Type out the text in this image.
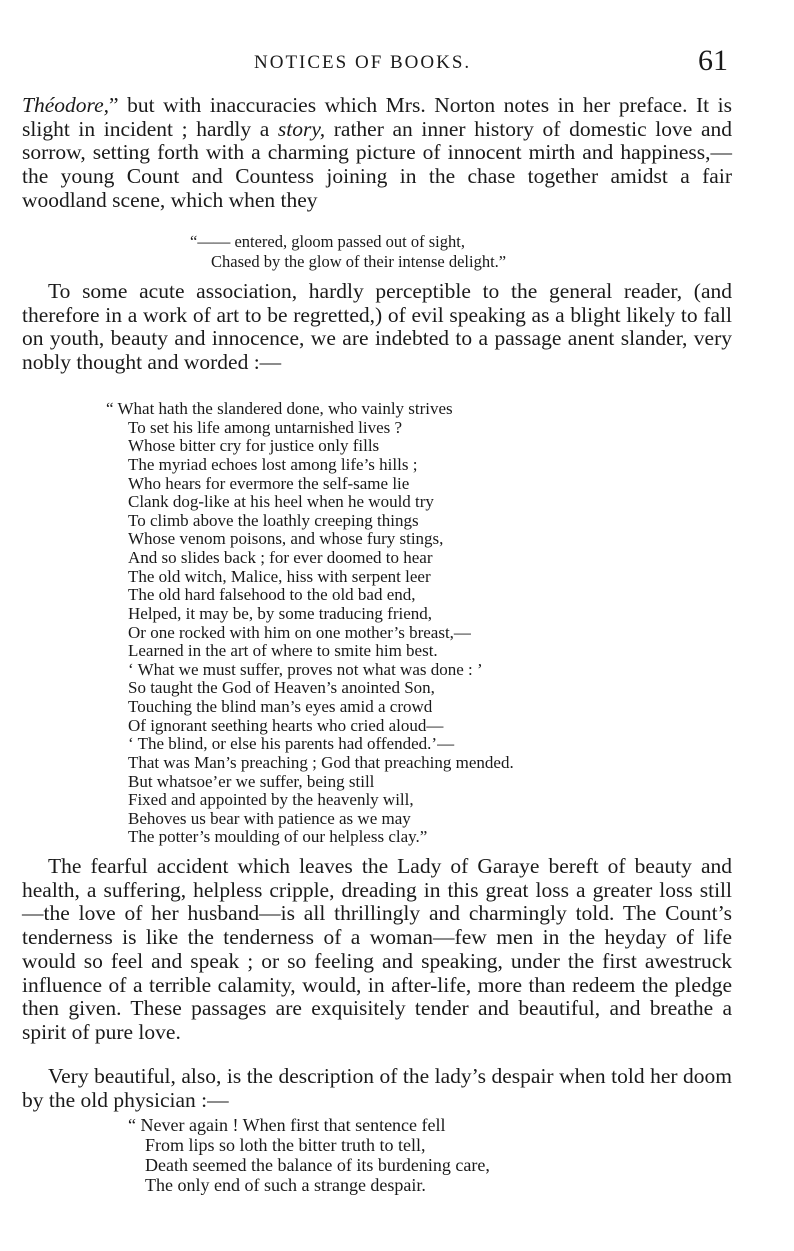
NOTICES OF BOOKS.	61

Théodore,” but with inaccuracies which Mrs. Norton notes in her preface. It is slight in incident ; hardly a story, rather an inner history of domestic love and sorrow, setting forth with a charming picture of innocent mirth and happiness,—the young Count and Countess joining in the chase together amidst a fair woodland scene, which when they

“—— entered, gloom passed out of sight,
Chased by the glow of their intense delight.”

To some acute association, hardly perceptible to the general reader, (and therefore in a work of art to be regretted,) of evil speaking as a blight likely to fall on youth, beauty and innocence, we are indebted to a passage anent slander, very nobly thought and worded :—

“ What hath the slandered done, who vainly strives
To set his life among untarnished lives ?
Whose bitter cry for justice only fills
The myriad echoes lost among life’s hills ;
Who hears for evermore the self-same lie
Clank dog-like at his heel when he would try
To climb above the loathly creeping things
Whose venom poisons, and whose fury stings,
And so slides back ; for ever doomed to hear
The old witch, Malice, hiss with serpent leer
The old hard falsehood to the old bad end,
Helped, it may be, by some traducing friend,
Or one rocked with him on one mother’s breast,—
Learned in the art of where to smite him best.
‘ What we must suffer, proves not what was done : ’
So taught the God of Heaven’s anointed Son,
Touching the blind man’s eyes amid a crowd
Of ignorant seething hearts who cried aloud—
‘ The blind, or else his parents had offended.’—
That was Man’s preaching ; God that preaching mended.
But whatsoe’er we suffer, being still
Fixed and appointed by the heavenly will,
Behoves us bear with patience as we may
The potter’s moulding of our helpless clay.”

The fearful accident which leaves the Lady of Garaye bereft of beauty and health, a suffering, helpless cripple, dreading in this great loss a greater loss still—the love of her husband—is all thrillingly and charmingly told. The Count’s tenderness is like the tenderness of a woman—few men in the heyday of life would so feel and speak ; or so feeling and speaking, under the first awestruck influence of a terrible calamity, would, in after-life, more than redeem the pledge then given. These passages are exquisitely tender and beautiful, and breathe a spirit of pure love.

Very beautiful, also, is the description of the lady’s despair when told her doom by the old physician :—

“ Never again ! When first that sentence fell
From lips so loth the bitter truth to tell,
Death seemed the balance of its burdening care,
The only end of such a strange despair.
